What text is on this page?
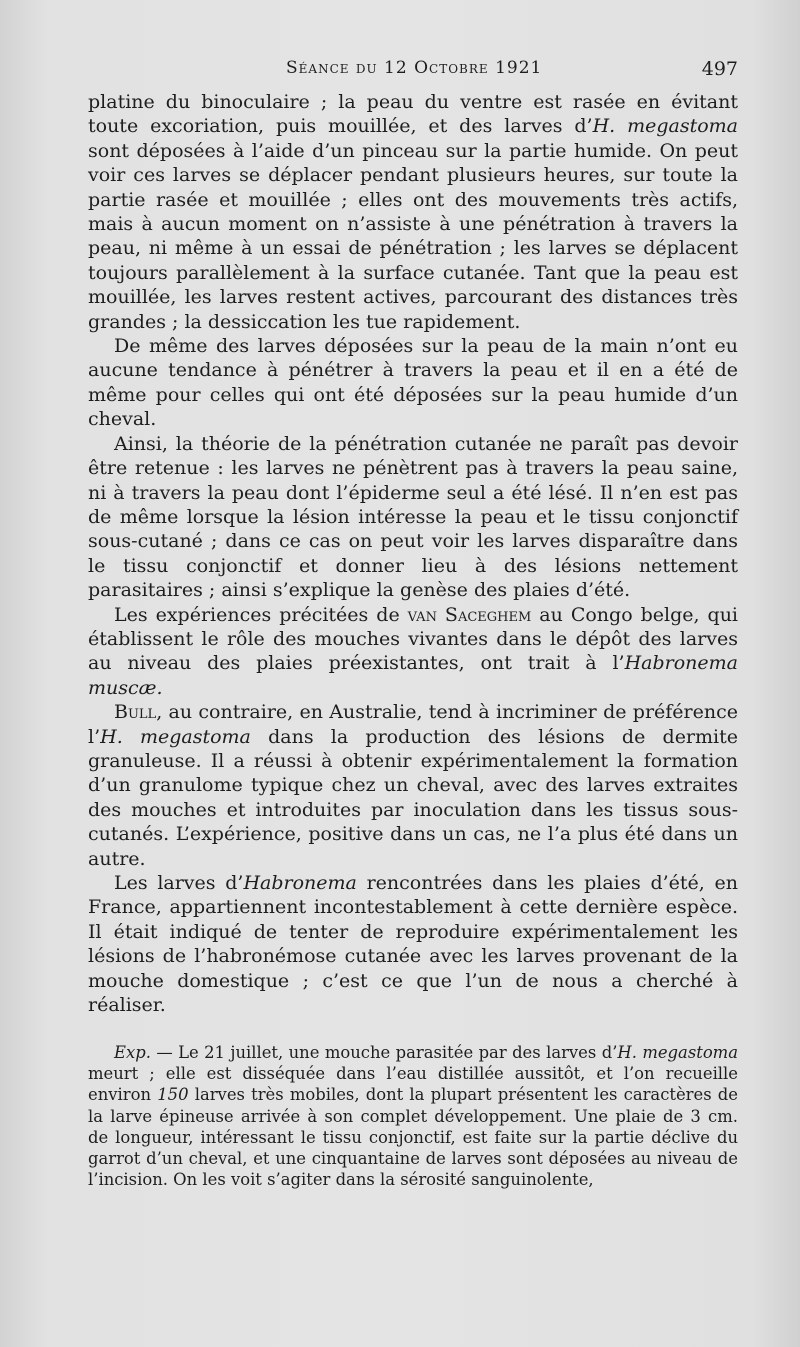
Séance du 12 Octobre 1921	497

platine du binoculaire ; la peau du ventre est rasée en évitant toute excoriation, puis mouillée, et des larves d’H. megastoma sont déposées à l’aide d’un pinceau sur la partie humide. On peut voir ces larves se déplacer pendant plusieurs heures, sur toute la partie rasée et mouillée ; elles ont des mouvements très actifs, mais à aucun moment on n’assiste à une pénétration à travers la peau, ni même à un essai de pénétration ; les larves se déplacent toujours parallèlement à la surface cutanée. Tant que la peau est mouillée, les larves restent actives, parcourant des distances très grandes ; la dessiccation les tue rapidement.

De même des larves déposées sur la peau de la main n’ont eu aucune tendance à pénétrer à travers la peau et il en a été de même pour celles qui ont été déposées sur la peau humide d’un cheval.

Ainsi, la théorie de la pénétration cutanée ne paraît pas devoir être retenue : les larves ne pénètrent pas à travers la peau saine, ni à travers la peau dont l’épiderme seul a été lésé. Il n’en est pas de même lorsque la lésion intéresse la peau et le tissu conjonctif sous-cutané ; dans ce cas on peut voir les larves disparaître dans le tissu conjonctif et donner lieu à des lésions nettement parasitaires ; ainsi s’explique la genèse des plaies d’été.

Les expériences précitées de van Saceghem au Congo belge, qui établissent le rôle des mouches vivantes dans le dépôt des larves au niveau des plaies préexistantes, ont trait à l’Habronema muscæ.

Bull, au contraire, en Australie, tend à incriminer de préférence l’H. megastoma dans la production des lésions de dermite granuleuse. Il a réussi à obtenir expérimentalement la formation d’un granulome typique chez un cheval, avec des larves extraites des mouches et introduites par inoculation dans les tissus sous-cutanés. L’expérience, positive dans un cas, ne l’a plus été dans un autre.

Les larves d’Habronema rencontrées dans les plaies d’été, en France, appartiennent incontestablement à cette dernière espèce. Il était indiqué de tenter de reproduire expérimentalement les lésions de l’habronémose cutanée avec les larves provenant de la mouche domestique ; c’est ce que l’un de nous a cherché à réaliser.

Exp. — Le 21 juillet, une mouche parasitée par des larves d’H. megastoma meurt ; elle est disséquée dans l’eau distillée aussitôt, et l’on recueille environ 150 larves très mobiles, dont la plupart présentent les caractères de la larve épineuse arrivée à son complet développement. Une plaie de 3 cm. de longueur, intéressant le tissu conjonctif, est faite sur la partie déclive du garrot d’un cheval, et une cinquantaine de larves sont déposées au niveau de l’incision. On les voit s’agiter dans la sérosité sanguinolente,
